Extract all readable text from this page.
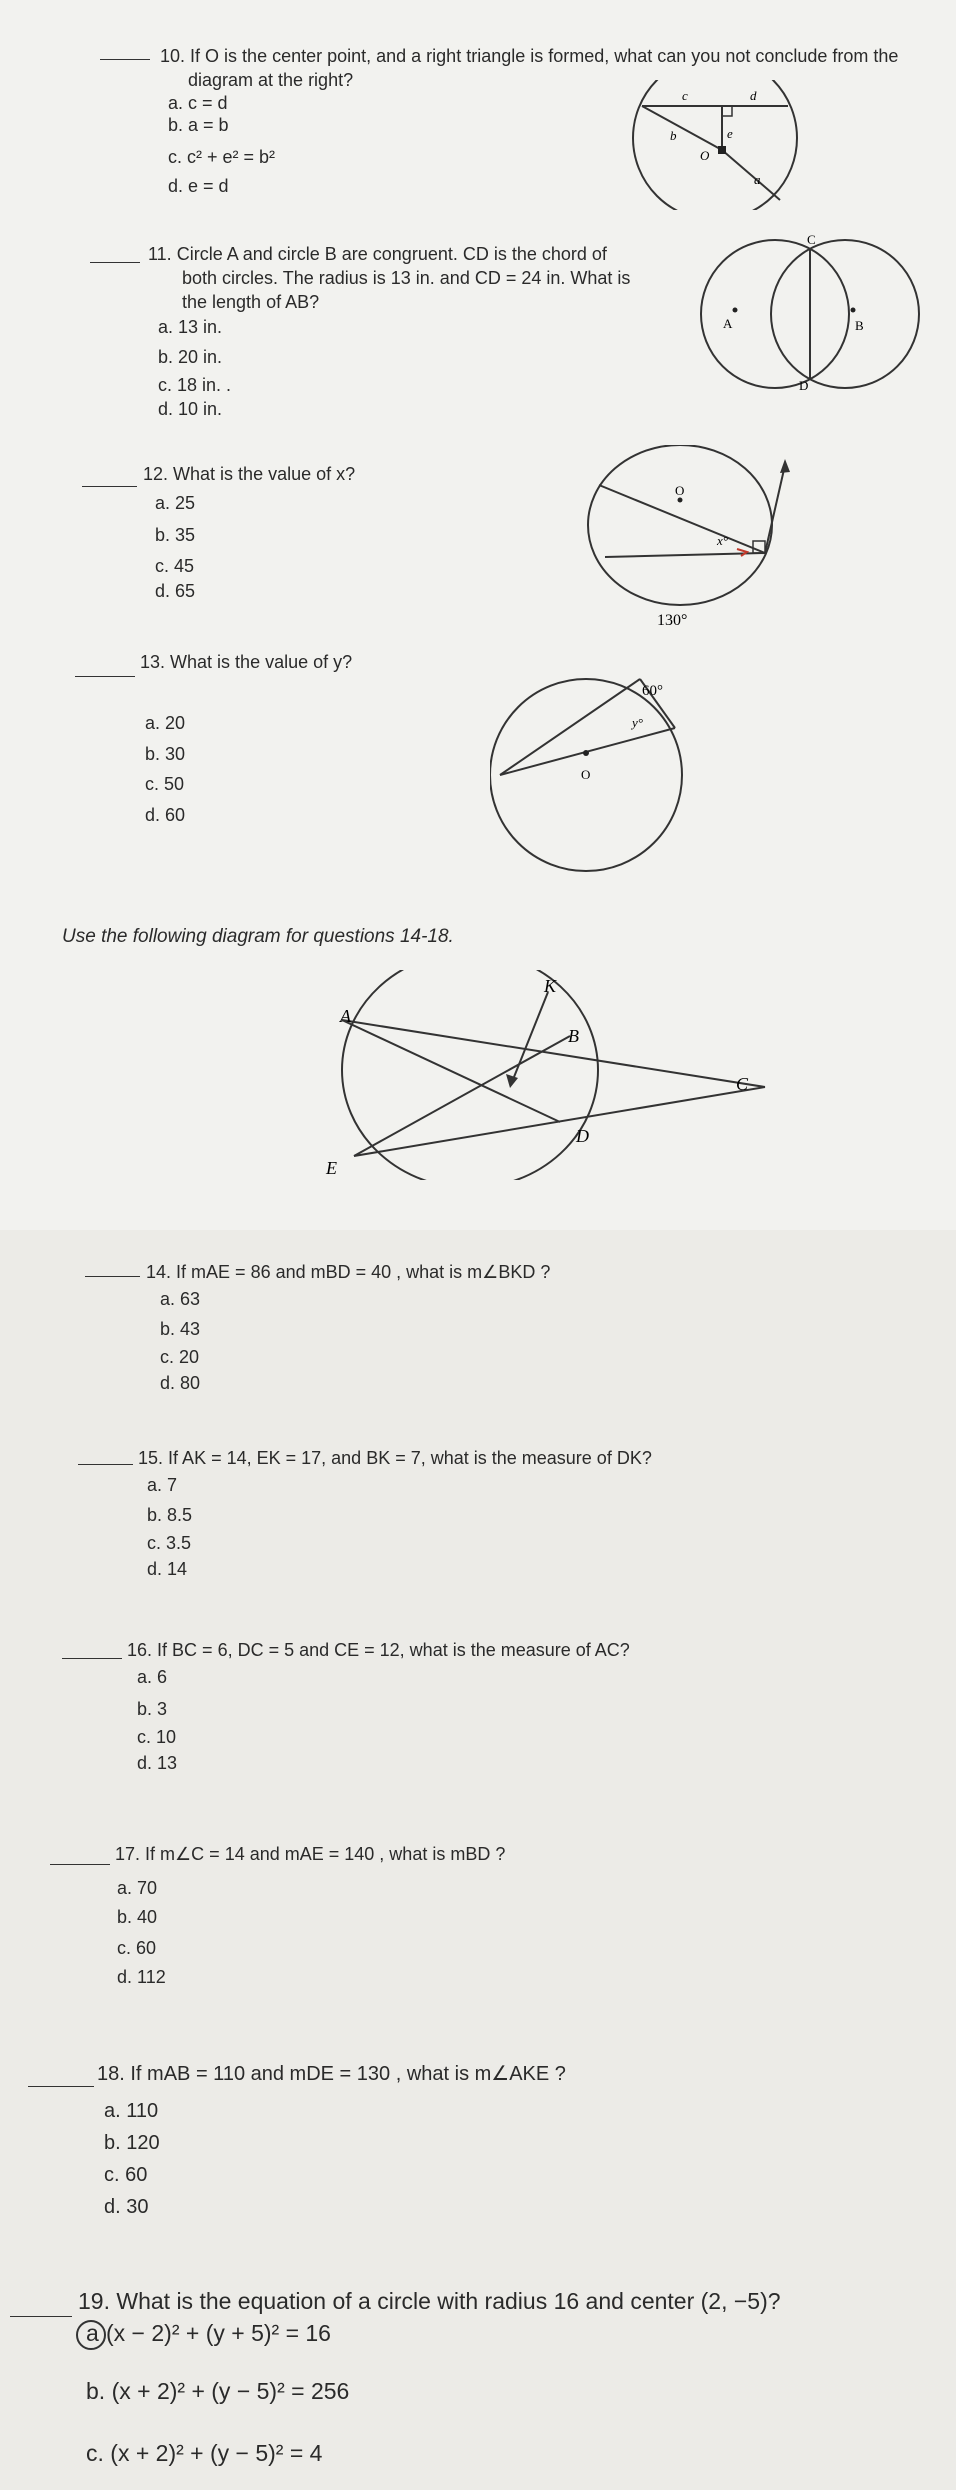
10. If O is the center point, and a right triangle is formed, what can you not conclude from the
diagram at the right?
a. c = d
b. a = b
c. c² + e² = b²
d. e = d
c	d
b	e
O
a
11. Circle A and circle B are congruent. CD is the chord of
both circles. The radius is 13 in. and CD = 24 in. What is
the length of AB?
a. 13 in.
b. 20 in.
c. 18 in. .
d. 10 in.
C
A	B
D
12. What is the value of x?
a. 25
b. 35
c. 45
d. 65
O
x°
130°
13. What is the value of y?
a. 20
b. 30
c. 50
d. 60
60°
y°
O
Use the following diagram for questions 14-18.
A
K
B
C
D
E
14. If mAE = 86 and mBD = 40 , what is m∠BKD ?
a. 63
b. 43
c. 20
d. 80
15. If AK = 14, EK = 17, and BK = 7, what is the measure of DK?
a. 7
b. 8.5
c. 3.5
d. 14
16. If BC = 6, DC = 5 and CE = 12, what is the measure of AC?
a. 6
b. 3
c. 10
d. 13
17. If m∠C = 14 and mAE = 140 , what is mBD ?
a. 70
b. 40
c. 60
d. 112
18. If mAB = 110 and mDE = 130 , what is m∠AKE ?
a. 110
b. 120
c. 60
d. 30
19. What is the equation of a circle with radius 16 and center (2, −5)?
a (x − 2)² + (y + 5)² = 16
b. (x + 2)² + (y − 5)² = 256
c. (x + 2)² + (y − 5)² = 4
